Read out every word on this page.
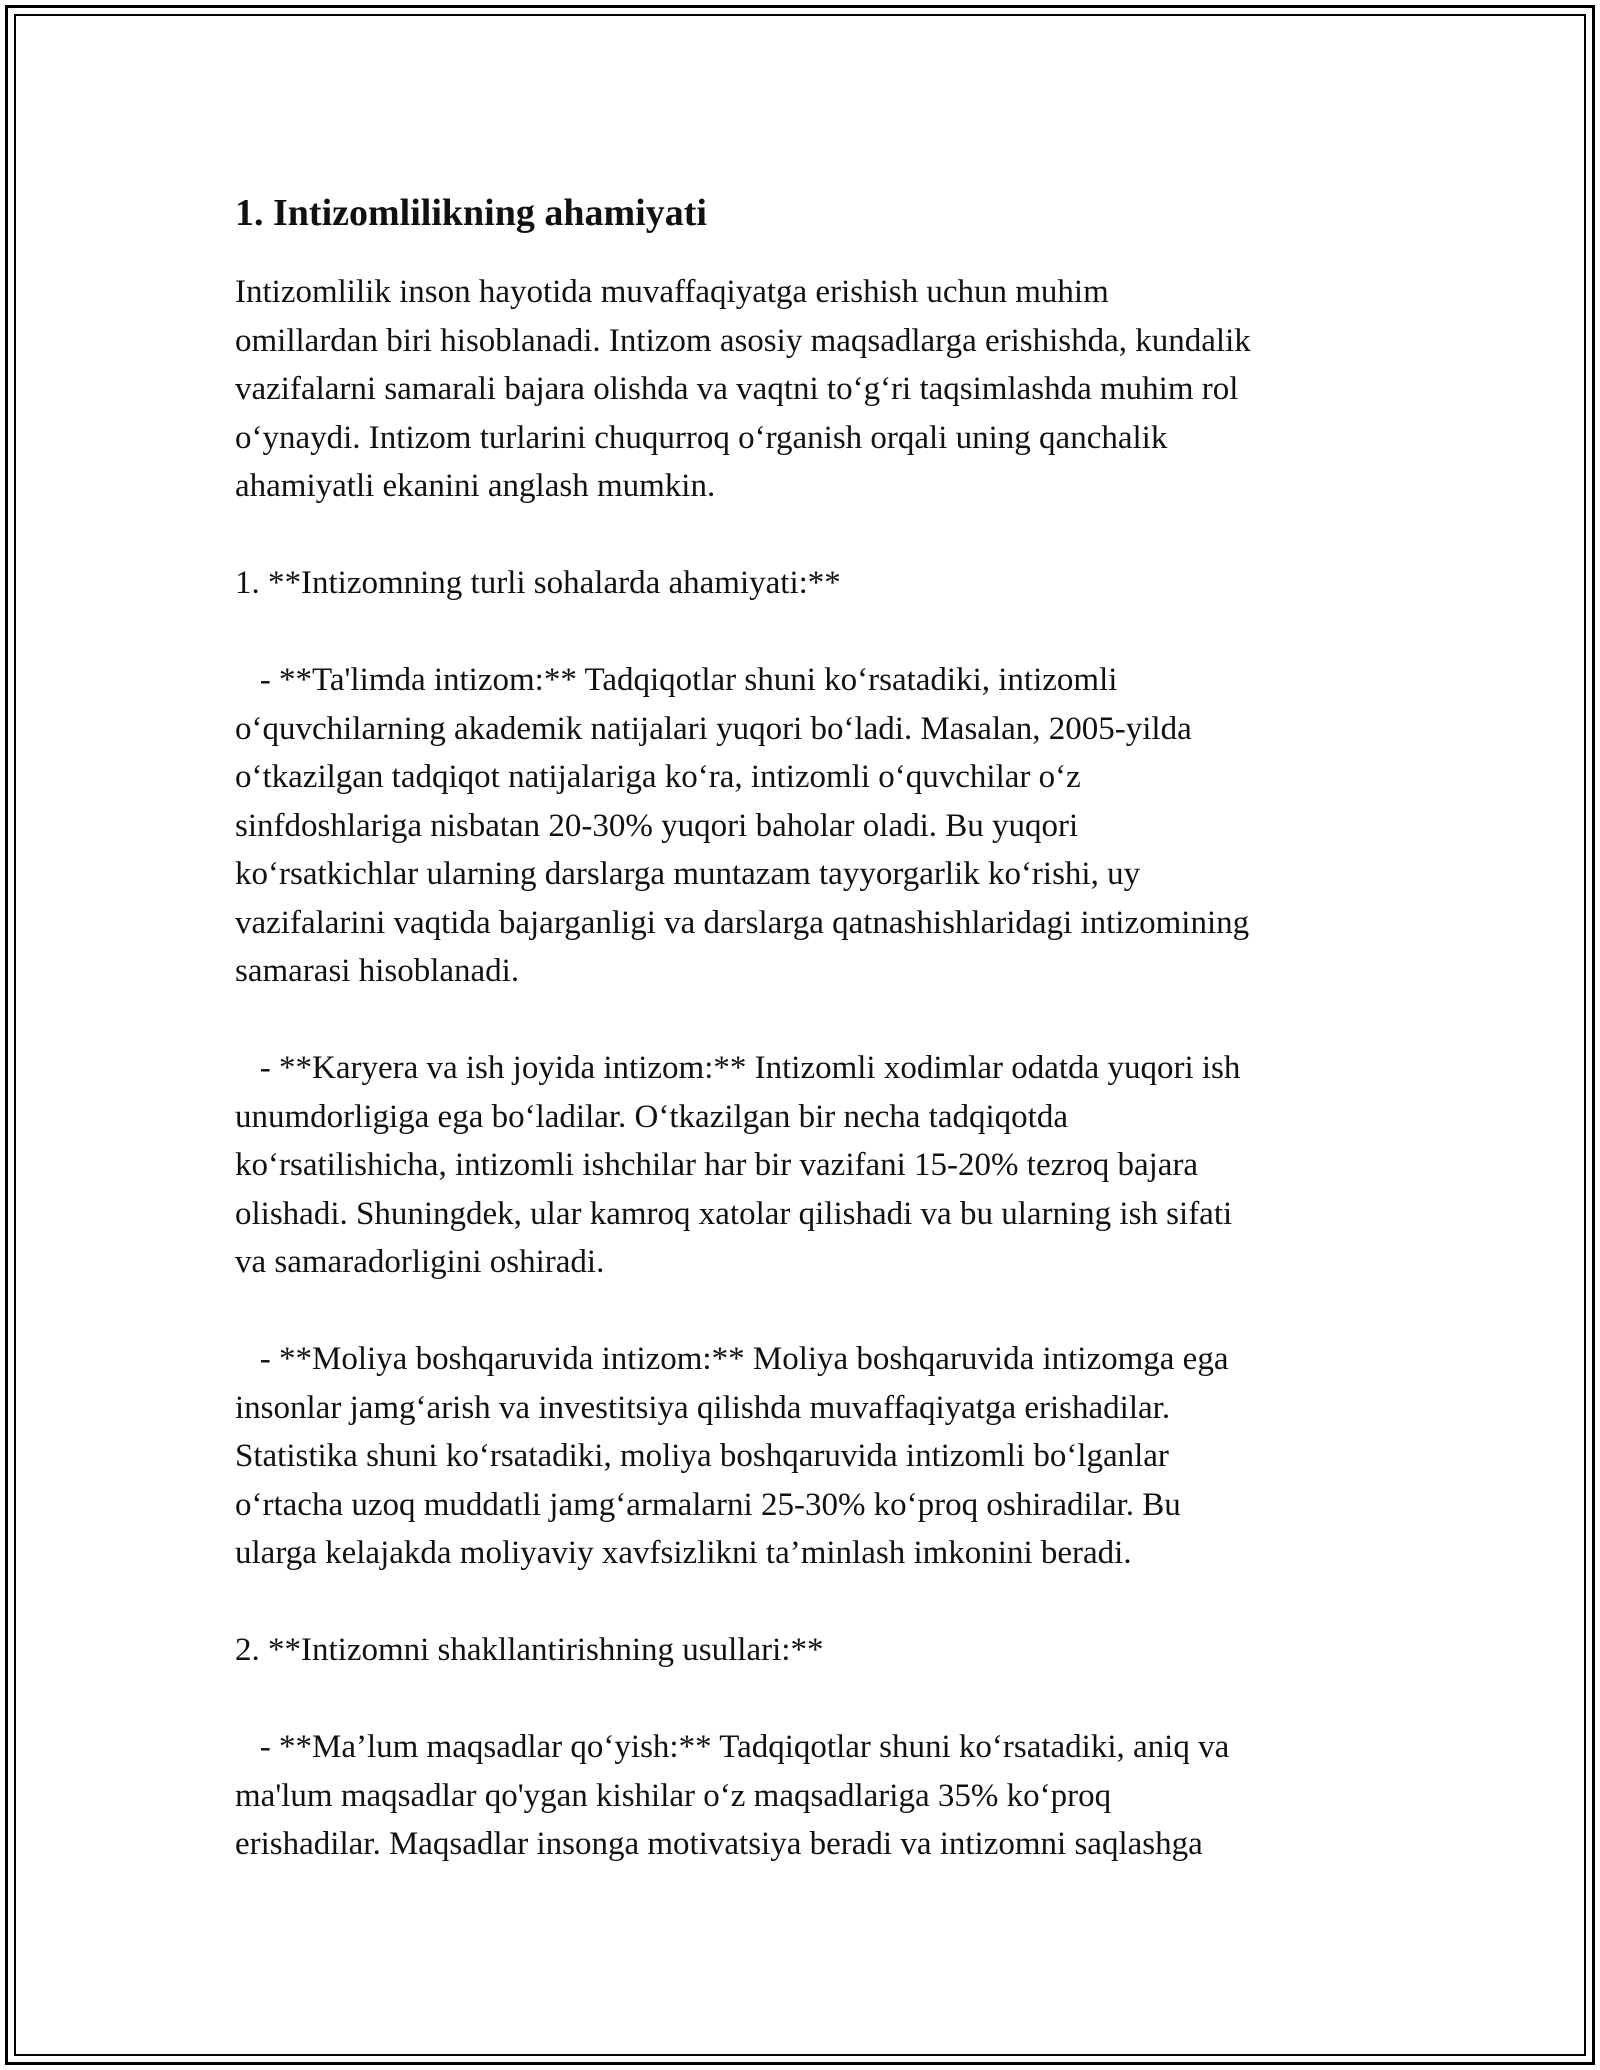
1. Intizomlilikning ahamiyati
Intizomlilik inson hayotida muvaffaqiyatga erishish uchun muhim
omillardan biri hisoblanadi. Intizom asosiy maqsadlarga erishishda, kundalik
vazifalarni samarali bajara olishda va vaqtni to‘g‘ri taqsimlashda muhim rol
o‘ynaydi. Intizom turlarini chuqurroq o‘rganish orqali uning qanchalik
ahamiyatli ekanini anglash mumkin.
1. **Intizomning turli sohalarda ahamiyati:**
- **Ta'limda intizom:** Tadqiqotlar shuni ko‘rsatadiki, intizomli
o‘quvchilarning akademik natijalari yuqori bo‘ladi. Masalan, 2005-yilda
o‘tkazilgan tadqiqot natijalariga ko‘ra, intizomli o‘quvchilar o‘z
sinfdoshlariga nisbatan 20-30% yuqori baholar oladi. Bu yuqori
ko‘rsatkichlar ularning darslarga muntazam tayyorgarlik ko‘rishi, uy
vazifalarini vaqtida bajarganligi va darslarga qatnashishlaridagi intizomining
samarasi hisoblanadi.
- **Karyera va ish joyida intizom:** Intizomli xodimlar odatda yuqori ish
unumdorligiga ega bo‘ladilar. O‘tkazilgan bir necha tadqiqotda
ko‘rsatilishicha, intizomli ishchilar har bir vazifani 15-20% tezroq bajara
olishadi. Shuningdek, ular kamroq xatolar qilishadi va bu ularning ish sifati
va samaradorligini oshiradi.
- **Moliya boshqaruvida intizom:** Moliya boshqaruvida intizomga ega
insonlar jamg‘arish va investitsiya qilishda muvaffaqiyatga erishadilar.
Statistika shuni ko‘rsatadiki, moliya boshqaruvida intizomli bo‘lganlar
o‘rtacha uzoq muddatli jamg‘armalarni 25-30% ko‘proq oshiradilar. Bu
ularga kelajakda moliyaviy xavfsizlikni ta’minlash imkonini beradi.
2. **Intizomni shakllantirishning usullari:**
- **Ma’lum maqsadlar qo‘yish:** Tadqiqotlar shuni ko‘rsatadiki, aniq va
ma'lum maqsadlar qo'ygan kishilar o‘z maqsadlariga 35% ko‘proq
erishadilar. Maqsadlar insonga motivatsiya beradi va intizomni saqlashga
